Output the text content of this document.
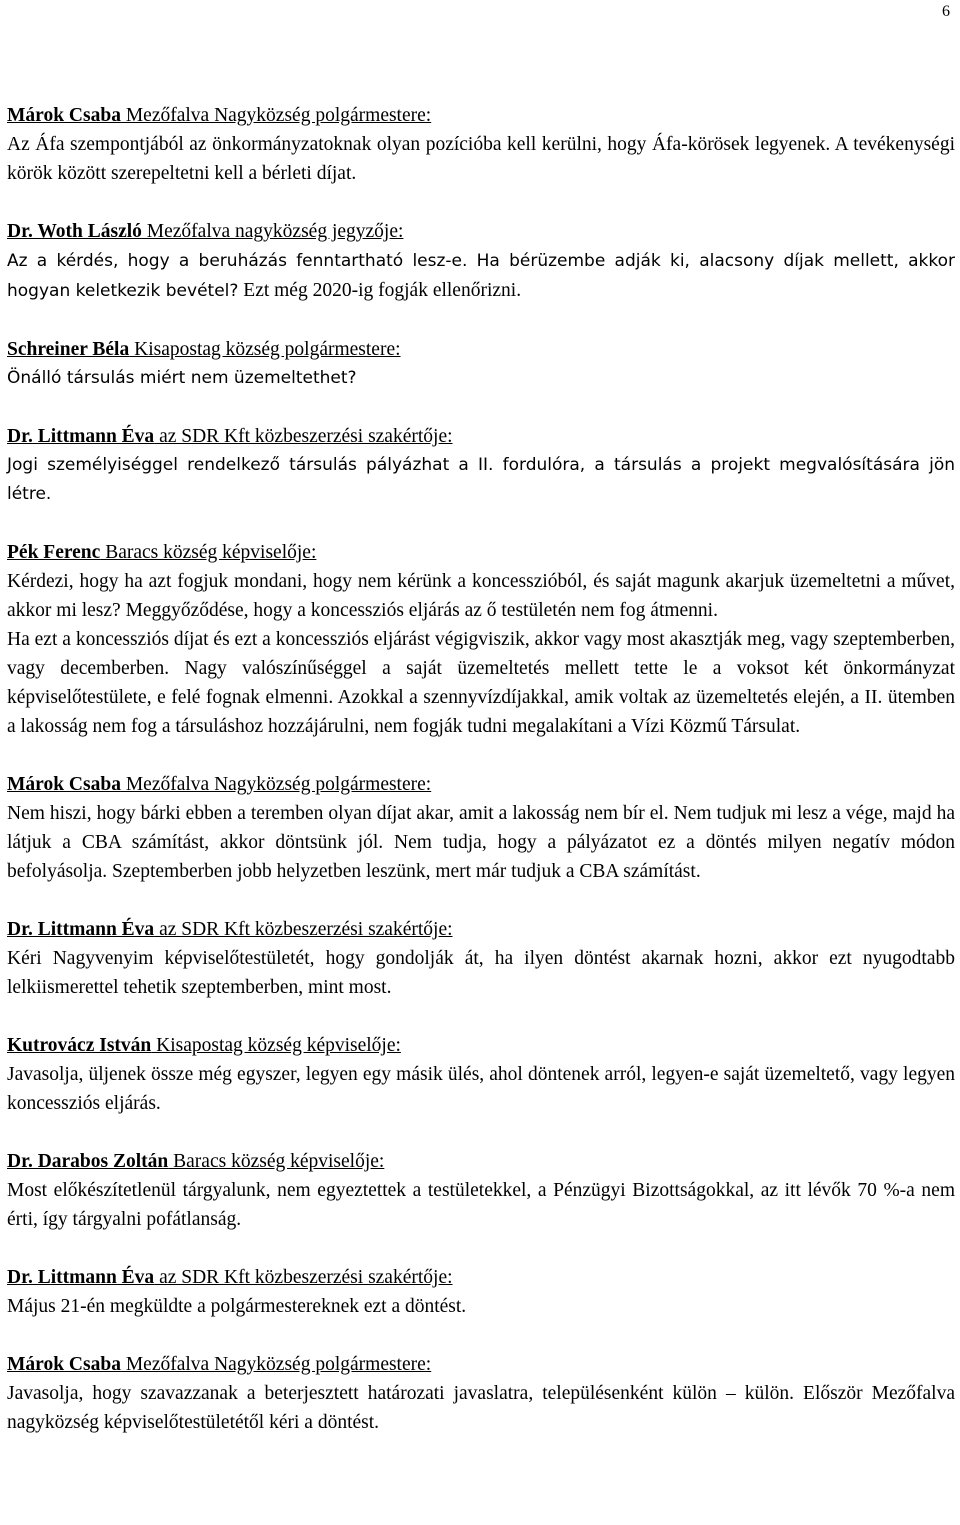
6
Márok Csaba Mezőfalva Nagyközség polgármestere:
Az Áfa szempontjából az önkormányzatoknak olyan pozícióba kell kerülni, hogy Áfa-körösek legyenek. A tevékenységi körök között szerepeltetni kell a bérleti díjat.
Dr. Woth László Mezőfalva nagyközség jegyzője:
Az a kérdés, hogy a beruházás fenntartható lesz-e. Ha bérüzembe adják ki, alacsony díjak mellett, akkor hogyan keletkezik bevétel? Ezt még 2020-ig fogják ellenőrizni.
Schreiner Béla Kisapostag község polgármestere:
Önálló társulás miért nem üzemeltethet?
Dr. Littmann Éva az SDR Kft közbeszerzési szakértője:
Jogi személyiséggel rendelkező társulás pályázhat a II. fordulóra, a társulás a projekt megvalósítására jön létre.
Pék Ferenc Baracs község képviselője:
Kérdezi, hogy ha azt fogjuk mondani, hogy nem kérünk a koncesszióból, és saját magunk akarjuk üzemeltetni a művet, akkor mi lesz? Meggyőződése, hogy a koncessziós eljárás az ő testületén nem fog átmenni.
Ha ezt a koncessziós díjat és ezt a koncessziós eljárást végigviszik, akkor vagy most akasztják meg, vagy szeptemberben, vagy decemberben. Nagy valószínűséggel a saját üzemeltetés mellett tette le a voksot két önkormányzat képviselőtestülete, e felé fognak elmenni. Azokkal a szennyvízdíjakkal, amik voltak az üzemeltetés elején, a II. ütemben a lakosság nem fog a társuláshoz hozzájárulni, nem fogják tudni megalakítani a Vízi Közmű Társulat.
Márok Csaba Mezőfalva Nagyközség polgármestere:
Nem hiszi, hogy bárki ebben a teremben olyan díjat akar, amit a lakosság nem bír el. Nem tudjuk mi lesz a vége, majd ha látjuk a CBA számítást, akkor döntsünk jól. Nem tudja, hogy a pályázatot ez a döntés milyen negatív módon befolyásolja. Szeptemberben jobb helyzetben leszünk, mert már tudjuk a CBA számítást.
Dr. Littmann Éva az SDR Kft közbeszerzési szakértője:
Kéri Nagyvenyim képviselőtestületét, hogy gondolják át, ha ilyen döntést akarnak hozni, akkor ezt nyugodtabb lelkiismerettel tehetik szeptemberben, mint most.
Kutrovácz István Kisapostag község képviselője:
Javasolja, üljenek össze még egyszer, legyen egy másik ülés, ahol döntenek arról, legyen-e saját üzemeltető, vagy legyen koncessziós eljárás.
Dr. Darabos Zoltán Baracs község képviselője:
Most előkészítetlenül tárgyalunk, nem egyeztettek a testületekkel, a Pénzügyi Bizottságokkal, az itt lévők 70 %-a nem érti, így tárgyalni pofátlanság.
Dr. Littmann Éva az SDR Kft közbeszerzési szakértője:
Május 21-én megküldte a polgármestereknek ezt a döntést.
Márok Csaba Mezőfalva Nagyközség polgármestere:
Javasolja, hogy szavazzanak a beterjesztett határozati javaslatra, településenként külön – külön. Először Mezőfalva nagyközség képviselőtestületétől kéri a döntést.
